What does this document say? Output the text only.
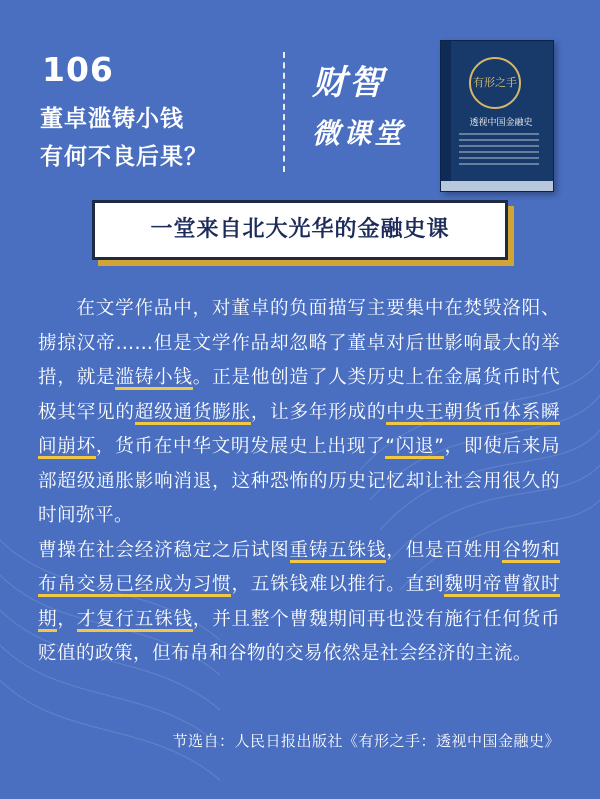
106
董卓滥铸小钱
有何不良后果？
财智
微课堂
有形之手
透视中国金融史
一堂来自北大光华的金融史课

在文学作品中，对董卓的负面描写主要集中在焚毁洛阳、掳掠汉帝……但是文学作品却忽略了董卓对后世影响最大的举措，就是滥铸小钱。正是他创造了人类历史上在金属货币时代极其罕见的超级通货膨胀，让多年形成的中央王朝货币体系瞬间崩坏，货币在中华文明发展史上出现了“闪退”，即使后来局部超级通胀影响消退，这种恐怖的历史记忆却让社会用很久的时间弥平。
曹操在社会经济稳定之后试图重铸五铢钱，但是百姓用谷物和布帛交易已经成为习惯，五铢钱难以推行。直到魏明帝曹叡时期，才复行五铢钱，并且整个曹魏期间再也没有施行任何货币贬值的政策，但布帛和谷物的交易依然是社会经济的主流。

节选自：人民日报出版社《有形之手：透视中国金融史》
